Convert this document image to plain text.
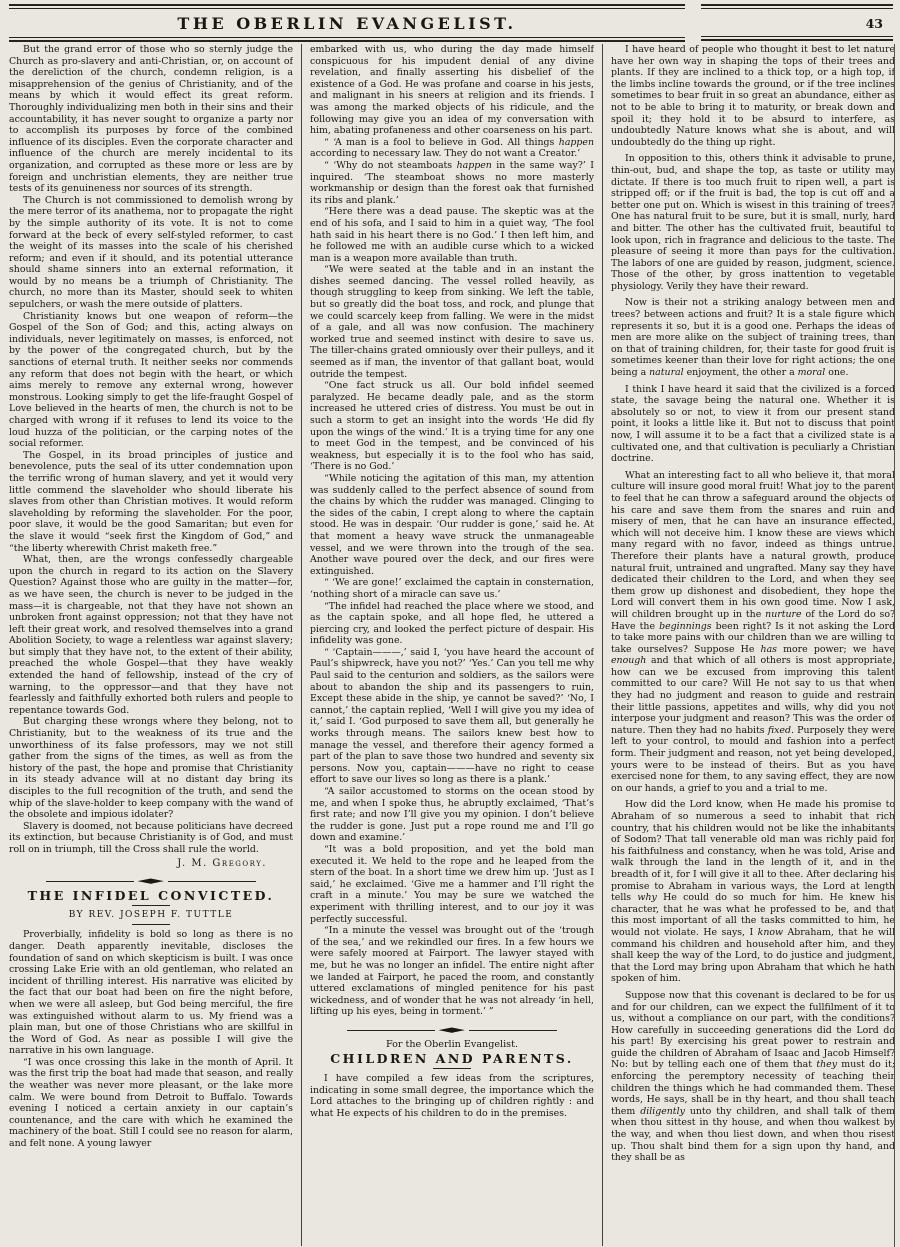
THE OBERLIN EVANGELIST.	43

But the grand error of those who so sternly judge the Church as pro-slavery and anti-Christian, or, on account of the dereliction of the church, condemn religion, is a misapprehension of the genius of Christianity, and of the means by which it would effect its great reform. Thoroughly individualizing men both in their sins and their accountability, it has never sought to organize a party nor to accomplish its purposes by force of the combined influence of its disciples. Even the corporate character and influence of the church are merely incidental to its organization, and corrupted as these more or less are by foreign and unchristian elements, they are neither true tests of its genuineness nor sources of its strength.

The Church is not commissioned to demolish wrong by the mere terror of its anathema, nor to propagate the right by the simple authority of its vote. It is not to come forward at the beck of every self-styled reformer, to cast the weight of its masses into the scale of his cherished reform; and even if it should, and its potential utterance should shame sinners into an external reformation, it would by no means be a triumph of Christianity. The church, no more than its Master, should seek to whiten sepulchers, or wash the mere outside of platters.

Christianity knows but one weapon of reform—the Gospel of the Son of God; and this, acting always on individuals, never legitimately on masses, is enforced, not by the power of the congregated church, but by the sanctions of eternal truth. It neither seeks nor commends any reform that does not begin with the heart, or which aims merely to remove any external wrong, however monstrous. Looking simply to get the life-fraught Gospel of Love believed in the hearts of men, the church is not to be charged with wrong if it refuses to lend its voice to the loud huzza of the politician, or the carping notes of the social reformer.

The Gospel, in its broad principles of justice and benevolence, puts the seal of its utter condemnation upon the terrific wrong of human slavery, and yet it would very little commend the slaveholder who should liberate his slaves from other than Christian motives. It would reform slaveholding by reforming the slaveholder. For the poor, poor slave, it would be the good Samaritan; but even for the slave it would “seek first the Kingdom of God,” and “the liberty wherewith Christ maketh free.”

What, then, are the wrongs confessedly chargeable upon the church in regard to its action on the Slavery Question? Against those who are guilty in the matter—for, as we have seen, the church is never to be judged in the mass—it is chargeable, not that they have not shown an unbroken front against oppression; not that they have not left their great work, and resolved themselves into a grand Abolition Society, to wage a relentless war against slavery; but simply that they have not, to the extent of their ability, preached the whole Gospel—that they have weakly extended the hand of fellowship, instead of the cry of warning, to the oppressor—and that they have not fearlessly and faithfully exhorted both rulers and people to repentance towards God.

But charging these wrongs where they belong, not to Christianity, but to the weakness of its true and the unworthiness of its false professors, may we not still gather from the signs of the times, as well as from the history of the past, the hope and promise that Christianity in its steady advance will at no distant day bring its disciples to the full recognition of the truth, and send the whip of the slave-holder to keep company with the wand of the obsolete and impious idolater?

Slavery is doomed, not because politicians have decreed its extinction, but because Christianity is of God, and must roll on in triumph, till the Cross shall rule the world.

J. M. Gregory.

◆
THE INFIDEL CONVICTED.

BY REV. JOSEPH F. TUTTLE

Proverbially, infidelity is bold so long as there is no danger. Death apparently inevitable, discloses the foundation of sand on which skepticism is built. I was once crossing Lake Erie with an old gentleman, who related an incident of thrilling interest. His narrative was elicited by the fact that our boat had been on fire the night before, when we were all asleep, but God being merciful, the fire was extinguished without alarm to us. My friend was a plain man, but one of those Christians who are skillful in the Word of God. As near as possible I will give the narrative in his own language.

“I was once crossing this lake in the month of April. It was the first trip the boat had made that season, and really the weather was never more pleasant, or the lake more calm. We were bound from Detroit to Buffalo. Towards evening I noticed a certain anxiety in our captain’s countenance, and the care with which he examined the machinery of the boat. Still I could see no reason for alarm, and felt none. A young lawyer

embarked with us, who during the day made himself conspicuous for his impudent denial of any divine revelation, and finally asserting his disbelief of the existence of a God. He was profane and coarse in his jests, and malignant in his sneers at religion and its friends. I was among the marked objects of his ridicule, and the following may give you an idea of my conversation with him, abating profaneness and other coarseness on his part.

“ ‘A man is a fool to believe in God. All things happen according to necessary law. They do not want a Creator.’

“ ‘Why do not steamboats happen in the same way?’ I inquired. ‘The steamboat shows no more masterly workmanship or design than the forest oak that furnished its ribs and plank.’

“Here there was a dead pause. The skeptic was at the end of his sofa, and I said to him in a quiet way, ‘The fool hath said in his heart there is no God.’ I then left him, and he followed me with an audible curse which to a wicked man is a weapon more available than truth.

“We were seated at the table and in an instant the dishes seemed dancing. The vessel rolled heavily, as though struggling to keep from sinking. We left the table, but so greatly did the boat toss, and rock, and plunge that we could scarcely keep from falling. We were in the midst of a gale, and all was now confusion. The machinery worked true and seemed instinct with desire to save us. The tiller-chains grated omniously over their pulleys, and it seemed as if man, the inventor of that gallant boat, would outride the tempest.

“One fact struck us all. Our bold infidel seemed paralyzed. He became deadly pale, and as the storm increased he uttered cries of distress. You must be out in such a storm to get an insight into the words ‘He did fly upon the wings of the wind.’ It is a trying time for any one to meet God in the tempest, and be convinced of his weakness, but especially it is to the fool who has said, ‘There is no God.’

“While noticing the agitation of this man, my attention was suddenly called to the perfect absence of sound from the chains by which the rudder was managed. Clinging to the sides of the cabin, I crept along to where the captain stood. He was in despair. ‘Our rudder is gone,’ said he. At that moment a heavy wave struck the unmanageable vessel, and we were thrown into the trough of the sea. Another wave poured over the deck, and our fires were extinguished.

“ ‘We are gone!’ exclaimed the captain in consternation, ‘nothing short of a miracle can save us.’

“The infidel had reached the place where we stood, and as the captain spoke, and all hope fled, he uttered a piercing cry, and looked the perfect picture of despair. His infidelity was gone.

“ ‘Captain———,’ said I, ‘you have heard the account of Paul’s shipwreck, have you not?’ ‘Yes.’ Can you tell me why Paul said to the centurion and soldiers, as the sailors were about to abandon the ship and its passengers to ruin, Except these abide in the ship, ye cannot be saved?’ ‘No, I cannot,’ the captain replied, ‘Well I will give you my idea of it,’ said I. ‘God purposed to save them all, but generally he works through means. The sailors knew best how to manage the vessel, and therefore their agency formed a part of the plan to save those two hundred and seventy six persons. Now you, captain———have no right to cease effort to save our lives so long as there is a plank.’

“A sailor accustomed to storms on the ocean stood by me, and when I spoke thus, he abruptly exclaimed, ‘That’s first rate; and now I’ll give you my opinion. I don’t believe the rudder is gone. Just put a rope round me and I’ll go down and examine.’

“It was a bold proposition, and yet the bold man executed it. We held to the rope and he leaped from the stern of the boat. In a short time we drew him up. ‘Just as I said,’ he exclaimed. ‘Give me a hammer and I’ll right the craft in a minute.’ You may be sure we watched the experiment with thrilling interest, and to our joy it was perfectly successful.

“In a minute the vessel was brought out of the ‘trough of the sea,’ and we rekindled our fires. In a few hours we were safely moored at Fairport. The lawyer stayed with me, but he was no longer an infidel. The entire night after we landed at Fairport, he paced the room, and constantly uttered exclamations of mingled penitence for his past wickedness, and of wonder that he was not already ‘in hell, lifting up his eyes, being in torment.’ ”

◆

For the Oberlin Evangelist.

CHILDREN AND PARENTS.

I have compiled a few ideas from the scriptures, indicating in some small degree, the importance which the Lord attaches to the bringing up of children rightly : and what He expects of his children to do in the premises.

I have heard of people who thought it best to let nature have her own way in shaping the tops of their trees and plants. If they are inclined to a thick top, or a high top, if the limbs incline towards the ground, or if the tree inclines sometimes to bear fruit in so great an abundance, either as not to be able to bring it to maturity, or break down and spoil it; they hold it to be absurd to interfere, as undoubtedly Nature knows what she is about, and will undoubtedly do the thing up right.

In opposition to this, others think it advisable to prune, thin-out, bud, and shape the top, as taste or utility may dictate. If there is too much fruit to ripen well, a part is stripped off; or if the fruit is bad, the top is cut off and a better one put on. Which is wisest in this training of trees? One has natural fruit to be sure, but it is small, nurly, hard and bitter. The other has the cultivated fruit, beautiful to look upon, rich in fragrance and delicious to the taste. The pleasure of seeing it more than pays for the cultivation. The labors of one are guided by reason, judgment, science. Those of the other, by gross inattention to vegetable physiology. Verily they have their reward.

Now is their not a striking analogy between men and trees? between actions and fruit? It is a stale figure which represents it so, but it is a good one. Perhaps the ideas of men are more alike on the subject of training trees, than on that of training children, for, their taste for good fruit is sometimes keener than their love for right actions; the one being a natural enjoyment, the other a moral one.

I think I have heard it said that the civilized is a forced state, the savage being the natural one. Whether it is absolutely so or not, to view it from our present stand point, it looks a little like it. But not to discuss that point now, I will assume it to be a fact that a civilized state is a cultivated one, and that cultivation is peculiarly a Christian doctrine.

What an interesting fact to all who believe it, that moral culture will insure good moral fruit! What joy to the parent to feel that he can throw a safeguard around the objects of his care and save them from the snares and ruin and misery of men, that he can have an insurance effected, which will not deceive him. I know these are views which many regard with no favor, indeed as things untrue. Therefore their plants have a natural growth, produce natural fruit, untrained and ungrafted. Many say they have dedicated their children to the Lord, and when they see them grow up dishonest and disobedient, they hope the Lord will convert them in his own good time. Now I ask, will children brought up in the nurture of the Lord do so? Have the beginnings been right? Is it not asking the Lord to take more pains with our children than we are willing to take ourselves? Suppose He has more power; we have enough and that which of all others is most appropriate, how can we be excused from improving this talent committed to our care? Will He not say to us that when they had no judgment and reason to guide and restrain their little passions, appetites and wills, why did you not interpose your judgment and reason? This was the order of nature. Then they had no habits fixed. Purposely they were left to your control, to mould and fashion into a perfect form. Their judgment and reason, not yet being developed, yours were to be instead of theirs. But as you have exercised none for them, to any saving effect, they are now on our hands, a grief to you and a trial to me.

How did the Lord know, when He made his promise to Abraham of so numerous a seed to inhabit that rich country, that his children would not be like the inhabitants of Sodom? That tall venerable old man was richly paid for his faithfulness and constancy, when he was told, Arise and walk through the land in the length of it, and in the breadth of it, for I will give it all to thee. After declaring his promise to Abraham in various ways, the Lord at length tells why He could do so much for him. He knew his character, that he was what he professed to be, and that this most important of all the tasks committed to him, he would not violate. He says, I know Abraham, that he will command his children and household after him, and they shall keep the way of the Lord, to do justice and judgment, that the Lord may bring upon Abraham that which he hath spoken of him.

Suppose now that this covenant is declared to be for us and for our children, can we expect the fullfilment of it to us, without a compliance on our part, with the conditions? How carefully in succeeding generations did the Lord do his part! By exercising his great power to restrain and guide the children of Abraham of Isaac and Jacob Himself? No: but by telling each one of them that they must do it; enforcing the peremptory necessity of teaching their children the things which he had commanded them. These words, He says, shall be in thy heart, and thou shall teach them diligently unto thy children, and shall talk of them when thou sittest in thy house, and when thou walkest by the way, and when thou liest down, and when thou risest up. Thou shalt bind them for a sign upon thy hand, and they shall be as
